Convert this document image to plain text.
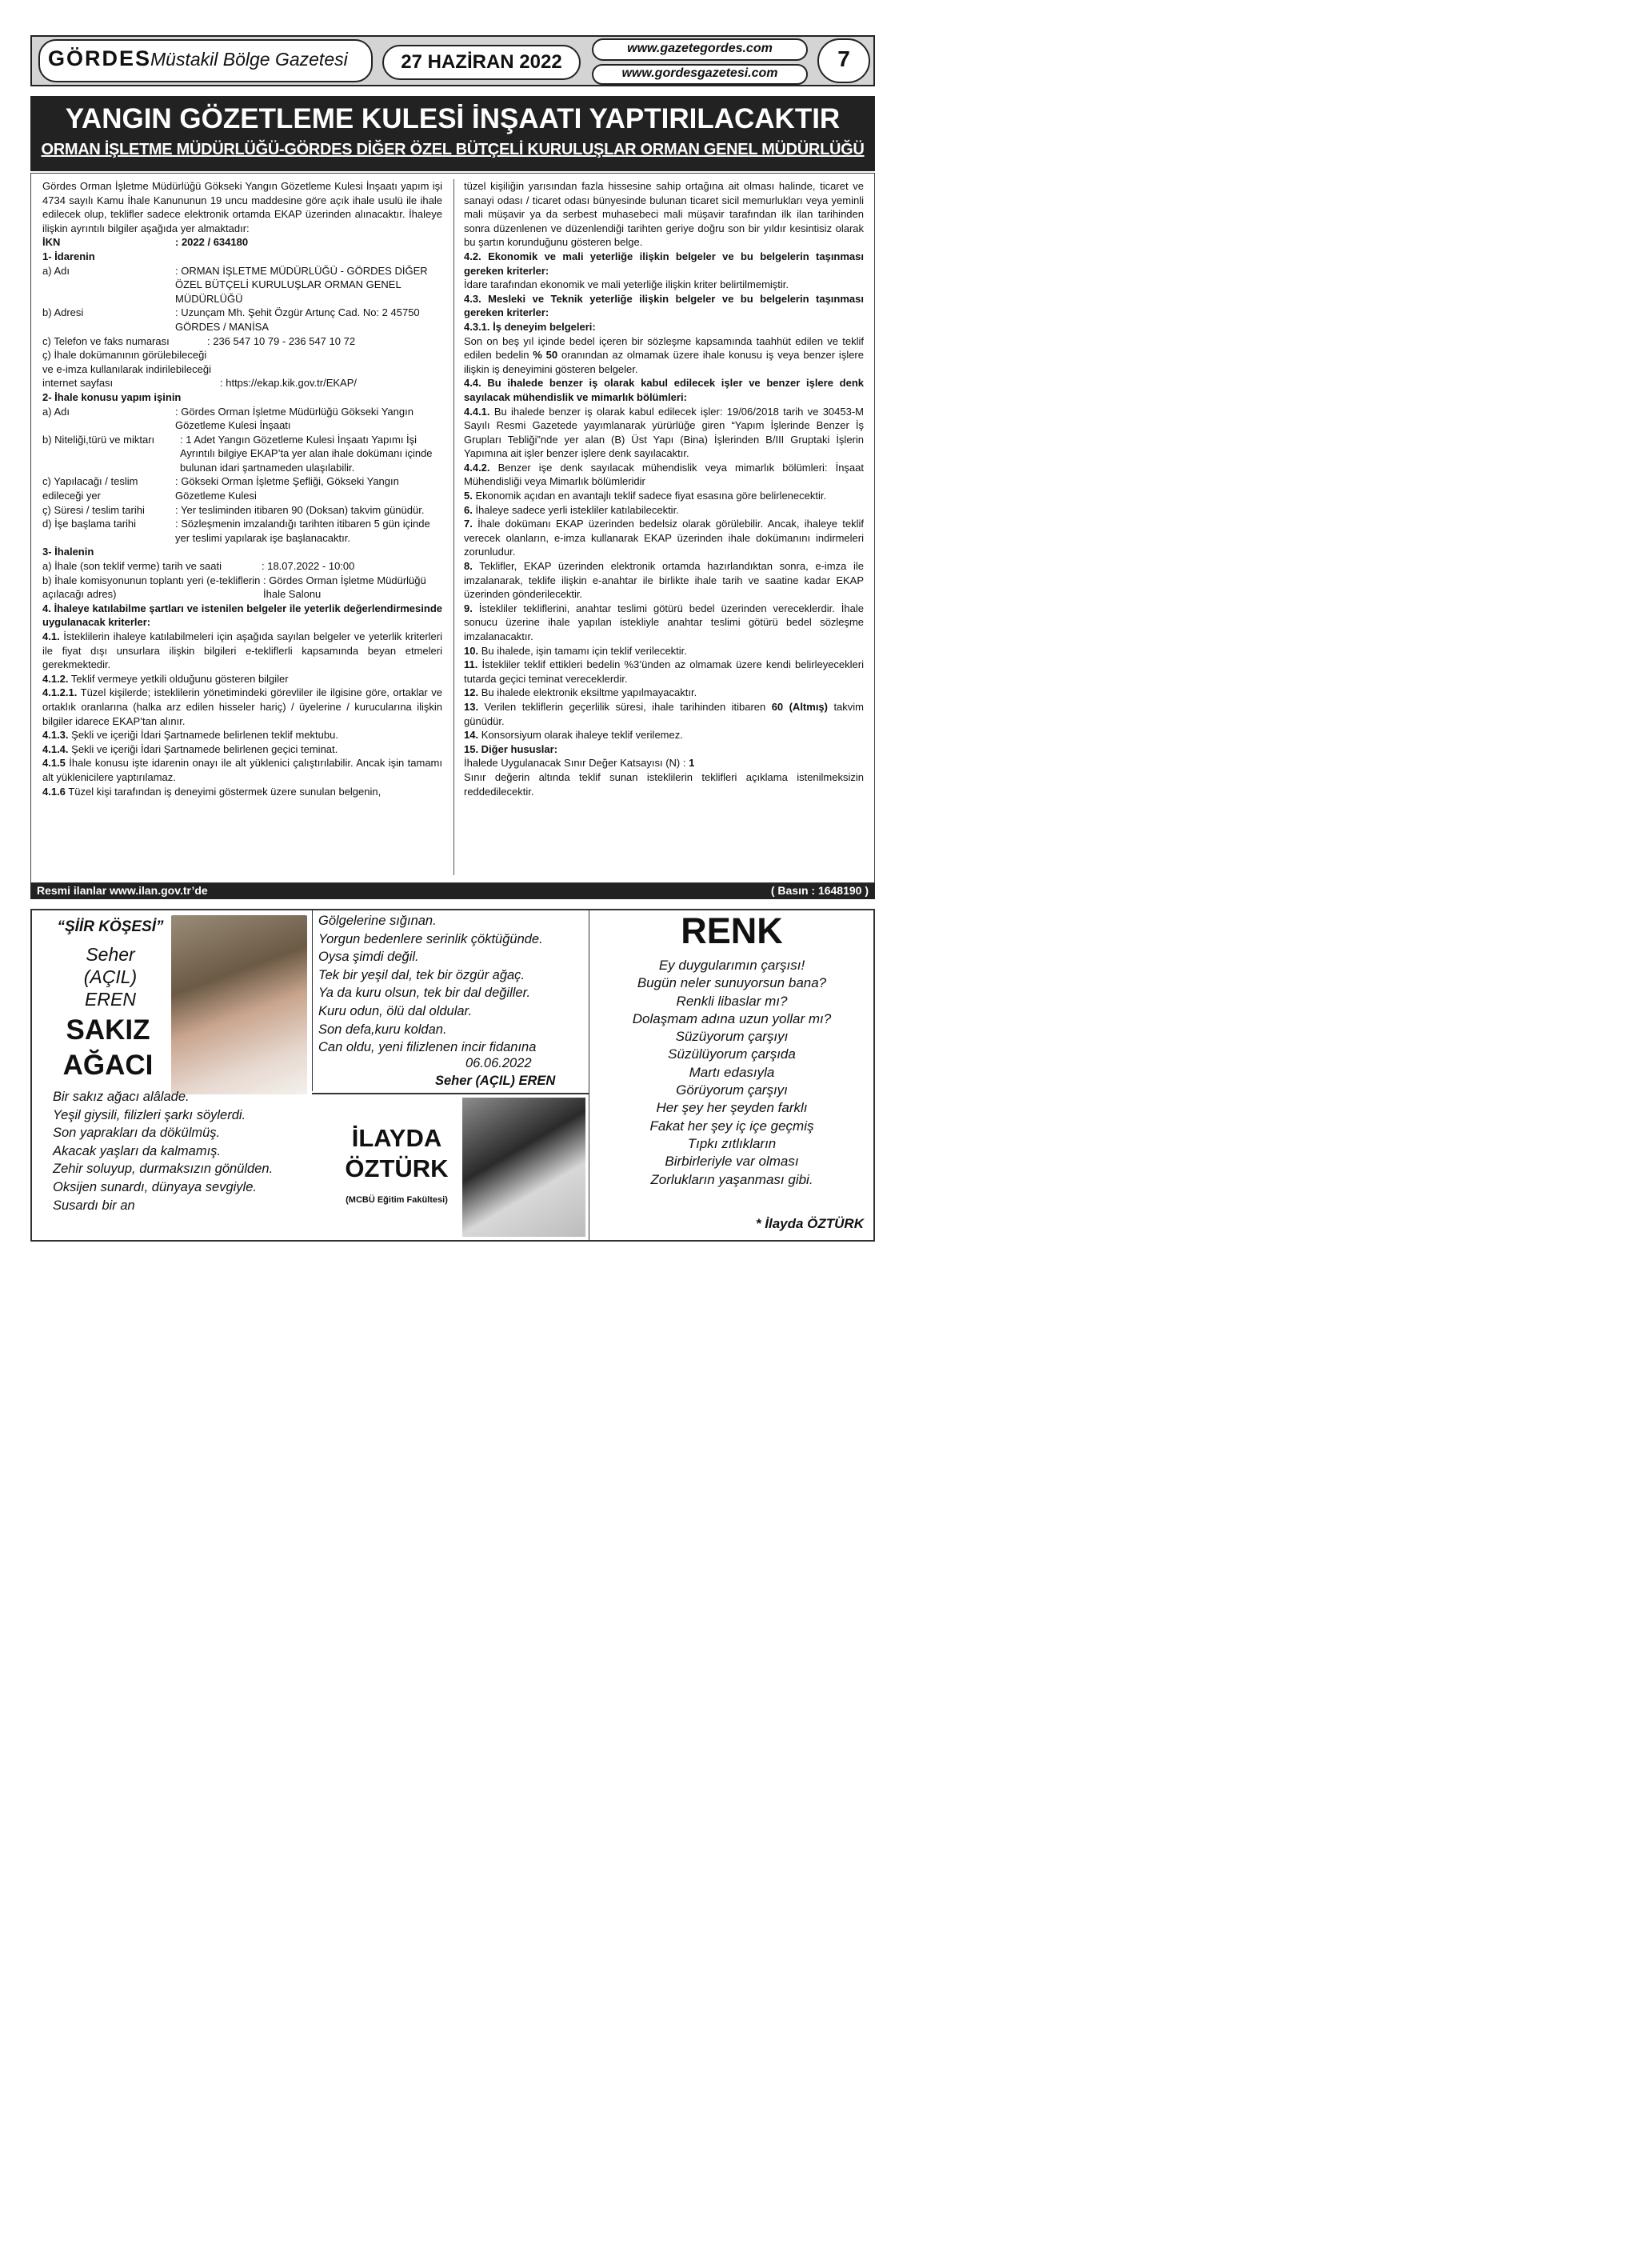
GÖRDES
Müstakil Bölge Gazetesi	27 HAZİRAN 2022
www.gazetegordes.com
www.gordesgazetesi.com
7
YANGIN GÖZETLEME KULESİ İNŞAATI YAPTIRILACAKTIR
ORMAN İŞLETME MÜDÜRLÜĞÜ-GÖRDES DİĞER ÖZEL BÜTÇELİ KURULUŞLAR ORMAN GENEL MÜDÜRLÜĞÜ

Gördes Orman İşletme Müdürlüğü Gökseki Yangın Gözetleme Kulesi İnşaatı yapım işi 4734 sayılı Kamu İhale Kanununun 19 uncu maddesine göre açık ihale usulü ile ihale edilecek olup, teklifler sadece elektronik ortamda EKAP üzerinden alınacaktır. İhaleye ilişkin ayrıntılı bilgiler aşağıda yer almaktadır:

İKN	: 2022 / 634180

1- İdarenin

a) Adı	: ORMAN İŞLETME MÜDÜRLÜĞÜ - GÖRDES DİĞER ÖZEL BÜTÇELİ KURULUŞLAR ORMAN GENEL MÜDÜRLÜĞÜ
b) Adresi	: Uzunçam Mh. Şehit Özgür Artunç Cad. No: 2 45750 GÖRDES / MANİSA
c) Telefon ve faks numarası	: 236 547 10 79 - 236 547 10 72
ç) İhale dokümanının görülebileceği ve e-imza kullanılarak indirilebileceği internet sayfası	: https://ekap.kik.gov.tr/EKAP/

2- İhale konusu yapım işinin

a) Adı	: Gördes Orman İşletme Müdürlüğü Gökseki Yangın Gözetleme Kulesi İnşaatı
b) Niteliği,türü ve miktarı	: 1 Adet Yangın Gözetleme Kulesi İnşaatı Yapımı İşi Ayrıntılı bilgiye EKAP’ta yer alan ihale dokümanı içinde bulunan idari şartnameden ulaşılabilir.
c) Yapılacağı / teslim edileceği yer
: Gökseki Orman İşletme Şefliği, Gökseki Yangın Gözetleme Kulesi
ç) Süresi / teslim tarihi	: Yer tesliminden itibaren 90 (Doksan) takvim günüdür.
d) İşe başlama tarihi	: Sözleşmenin imzalandığı tarihten itibaren 5 gün içinde yer teslimi yapılarak işe başlanacaktır.

3- İhalenin

a) İhale (son teklif verme) tarih ve saati	: 18.07.2022 - 10:00
b) İhale komisyonunun toplantı yeri (e-tekliflerin açılacağı adres)
: Gördes Orman İşletme Müdürlüğü İhale Salonu

4. İhaleye katılabilme şartları ve istenilen belgeler ile yeterlik değerlendirmesinde uygulanacak kriterler:

4.1. İsteklilerin ihaleye katılabilmeleri için aşağıda sayılan belgeler ve yeterlik kriterleri ile fiyat dışı unsurlara ilişkin bilgileri e-tekliflerli kapsamında beyan etmeleri gerekmektedir.

4.1.2. Teklif vermeye yetkili olduğunu gösteren bilgiler

4.1.2.1. Tüzel kişilerde; isteklilerin yönetimindeki görevliler ile ilgisine göre, ortaklar ve ortaklık oranlarına (halka arz edilen hisseler hariç) / üyelerine / kurucularına ilişkin bilgiler idarece EKAP’tan alınır.

4.1.3. Şekli ve içeriği İdari Şartnamede belirlenen teklif mektubu.

4.1.4. Şekli ve içeriği İdari Şartnamede belirlenen geçici teminat.

4.1.5 İhale konusu işte idarenin onayı ile alt yüklenici çalıştırılabilir. Ancak işin tamamı alt yüklenicilere yaptırılamaz.

4.1.6 Tüzel kişi tarafından iş deneyimi göstermek üzere sunulan belgenin,

tüzel kişiliğin yarısından fazla hissesine sahip ortağına ait olması halinde, ticaret ve sanayi odası / ticaret odası bünyesinde bulunan ticaret sicil memurlukları veya yeminli mali müşavir ya da serbest muhasebeci mali müşavir tarafından ilk ilan tarihinden sonra düzenlenen ve düzenlendiği tarihten geriye doğru son bir yıldır kesintisiz olarak bu şartın korunduğunu gösteren belge.

4.2. Ekonomik ve mali yeterliğe ilişkin belgeler ve bu belgelerin taşınması gereken kriterler:

İdare tarafından ekonomik ve mali yeterliğe ilişkin kriter belirtilmemiştir.

4.3. Mesleki ve Teknik yeterliğe ilişkin belgeler ve bu belgelerin taşınması gereken kriterler:

4.3.1. İş deneyim belgeleri:

Son on beş yıl içinde bedel içeren bir sözleşme kapsamında taahhüt edilen ve teklif edilen bedelin % 50 oranından az olmamak üzere ihale konusu iş veya benzer işlere ilişkin iş deneyimini gösteren belgeler.

4.4. Bu ihalede benzer iş olarak kabul edilecek işler ve benzer işlere denk sayılacak mühendislik ve mimarlık bölümleri:

4.4.1. Bu ihalede benzer iş olarak kabul edilecek işler: 19/06/2018 tarih ve 30453-M Sayılı Resmi Gazetede yayımlanarak yürürlüğe giren “Yapım İşlerinde Benzer İş Grupları Tebliği”nde yer alan (B) Üst Yapı (Bina) İşlerinden B/III Gruptaki İşlerin Yapımına ait işler benzer işlere denk sayılacaktır.

4.4.2. Benzer işe denk sayılacak mühendislik veya mimarlık bölümleri: İnşaat Mühendisliği veya Mimarlık bölümleridir

5. Ekonomik açıdan en avantajlı teklif sadece fiyat esasına göre belirlenecektir.

6. İhaleye sadece yerli istekliler katılabilecektir.

7. İhale dokümanı EKAP üzerinden bedelsiz olarak görülebilir. Ancak, ihaleye teklif verecek olanların, e-imza kullanarak EKAP üzerinden ihale dokümanını indirmeleri zorunludur.

8. Teklifler, EKAP üzerinden elektronik ortamda hazırlandıktan sonra, e-imza ile imzalanarak, teklife ilişkin e-anahtar ile birlikte ihale tarih ve saatine kadar EKAP üzerinden gönderilecektir.

9. İstekliler tekliflerini, anahtar teslimi götürü bedel üzerinden vereceklerdir. İhale sonucu üzerine ihale yapılan istekliyle anahtar teslimi götürü bedel sözleşme imzalanacaktır.

10. Bu ihalede, işin tamamı için teklif verilecektir.

11. İstekliler teklif ettikleri bedelin %3’ünden az olmamak üzere kendi belirleyecekleri tutarda geçici teminat vereceklerdir.

12. Bu ihalede elektronik eksiltme yapılmayacaktır.

13. Verilen tekliflerin geçerlilik süresi, ihale tarihinden itibaren 60 (Altmış) takvim günüdür.

14. Konsorsiyum olarak ihaleye teklif verilemez.

15. Diğer hususlar:

İhalede Uygulanacak Sınır Değer Katsayısı (N) : 1

Sınır değerin altında teklif sunan isteklilerin teklifleri açıklama istenilmeksizin reddedilecektir.

Resmi ilanlar www.ilan.gov.tr’de	( Basın : 1648190 )
“ŞİİR KÖŞESİ”
Seher
(AÇIL)
EREN
SAKIZ
AĞACI
Bir sakız ağacı alâlade.
Yeşil giysili, filizleri şarkı söylerdi.
Son yaprakları da dökülmüş.
Akacak yaşları da kalmamış.
Zehir soluyup, durmaksızın gönülden.
Oksijen sunardı, dünyaya sevgiyle.
Susardı bir an
Gölgelerine sığınan.
Yorgun bedenlere serinlik çöktüğünde.
Oysa şimdi değil.
Tek bir yeşil dal, tek bir özgür ağaç.
Ya da kuru olsun, tek bir dal değiller.
Kuru odun, ölü dal oldular.
Son defa,kuru koldan.
Can oldu, yeni filizlenen incir fidanına
06.06.2022
Seher (AÇIL) EREN
İLAYDA
ÖZTÜRK
(MCBÜ Eğitim Fakültesi)
RENK
Ey duygularımın çarşısı!
Bugün neler sunuyorsun bana?
Renkli libaslar mı?
Dolaşmam adına uzun yollar mı?
Süzüyorum çarşıyı
Süzülüyorum çarşıda
Martı edasıyla
Görüyorum çarşıyı
Her şey her şeyden farklı
Fakat her şey iç içe geçmiş
Tıpkı zıtlıkların
Birbirleriyle var olması
Zorlukların yaşanması gibi.
* İlayda ÖZTÜRK
